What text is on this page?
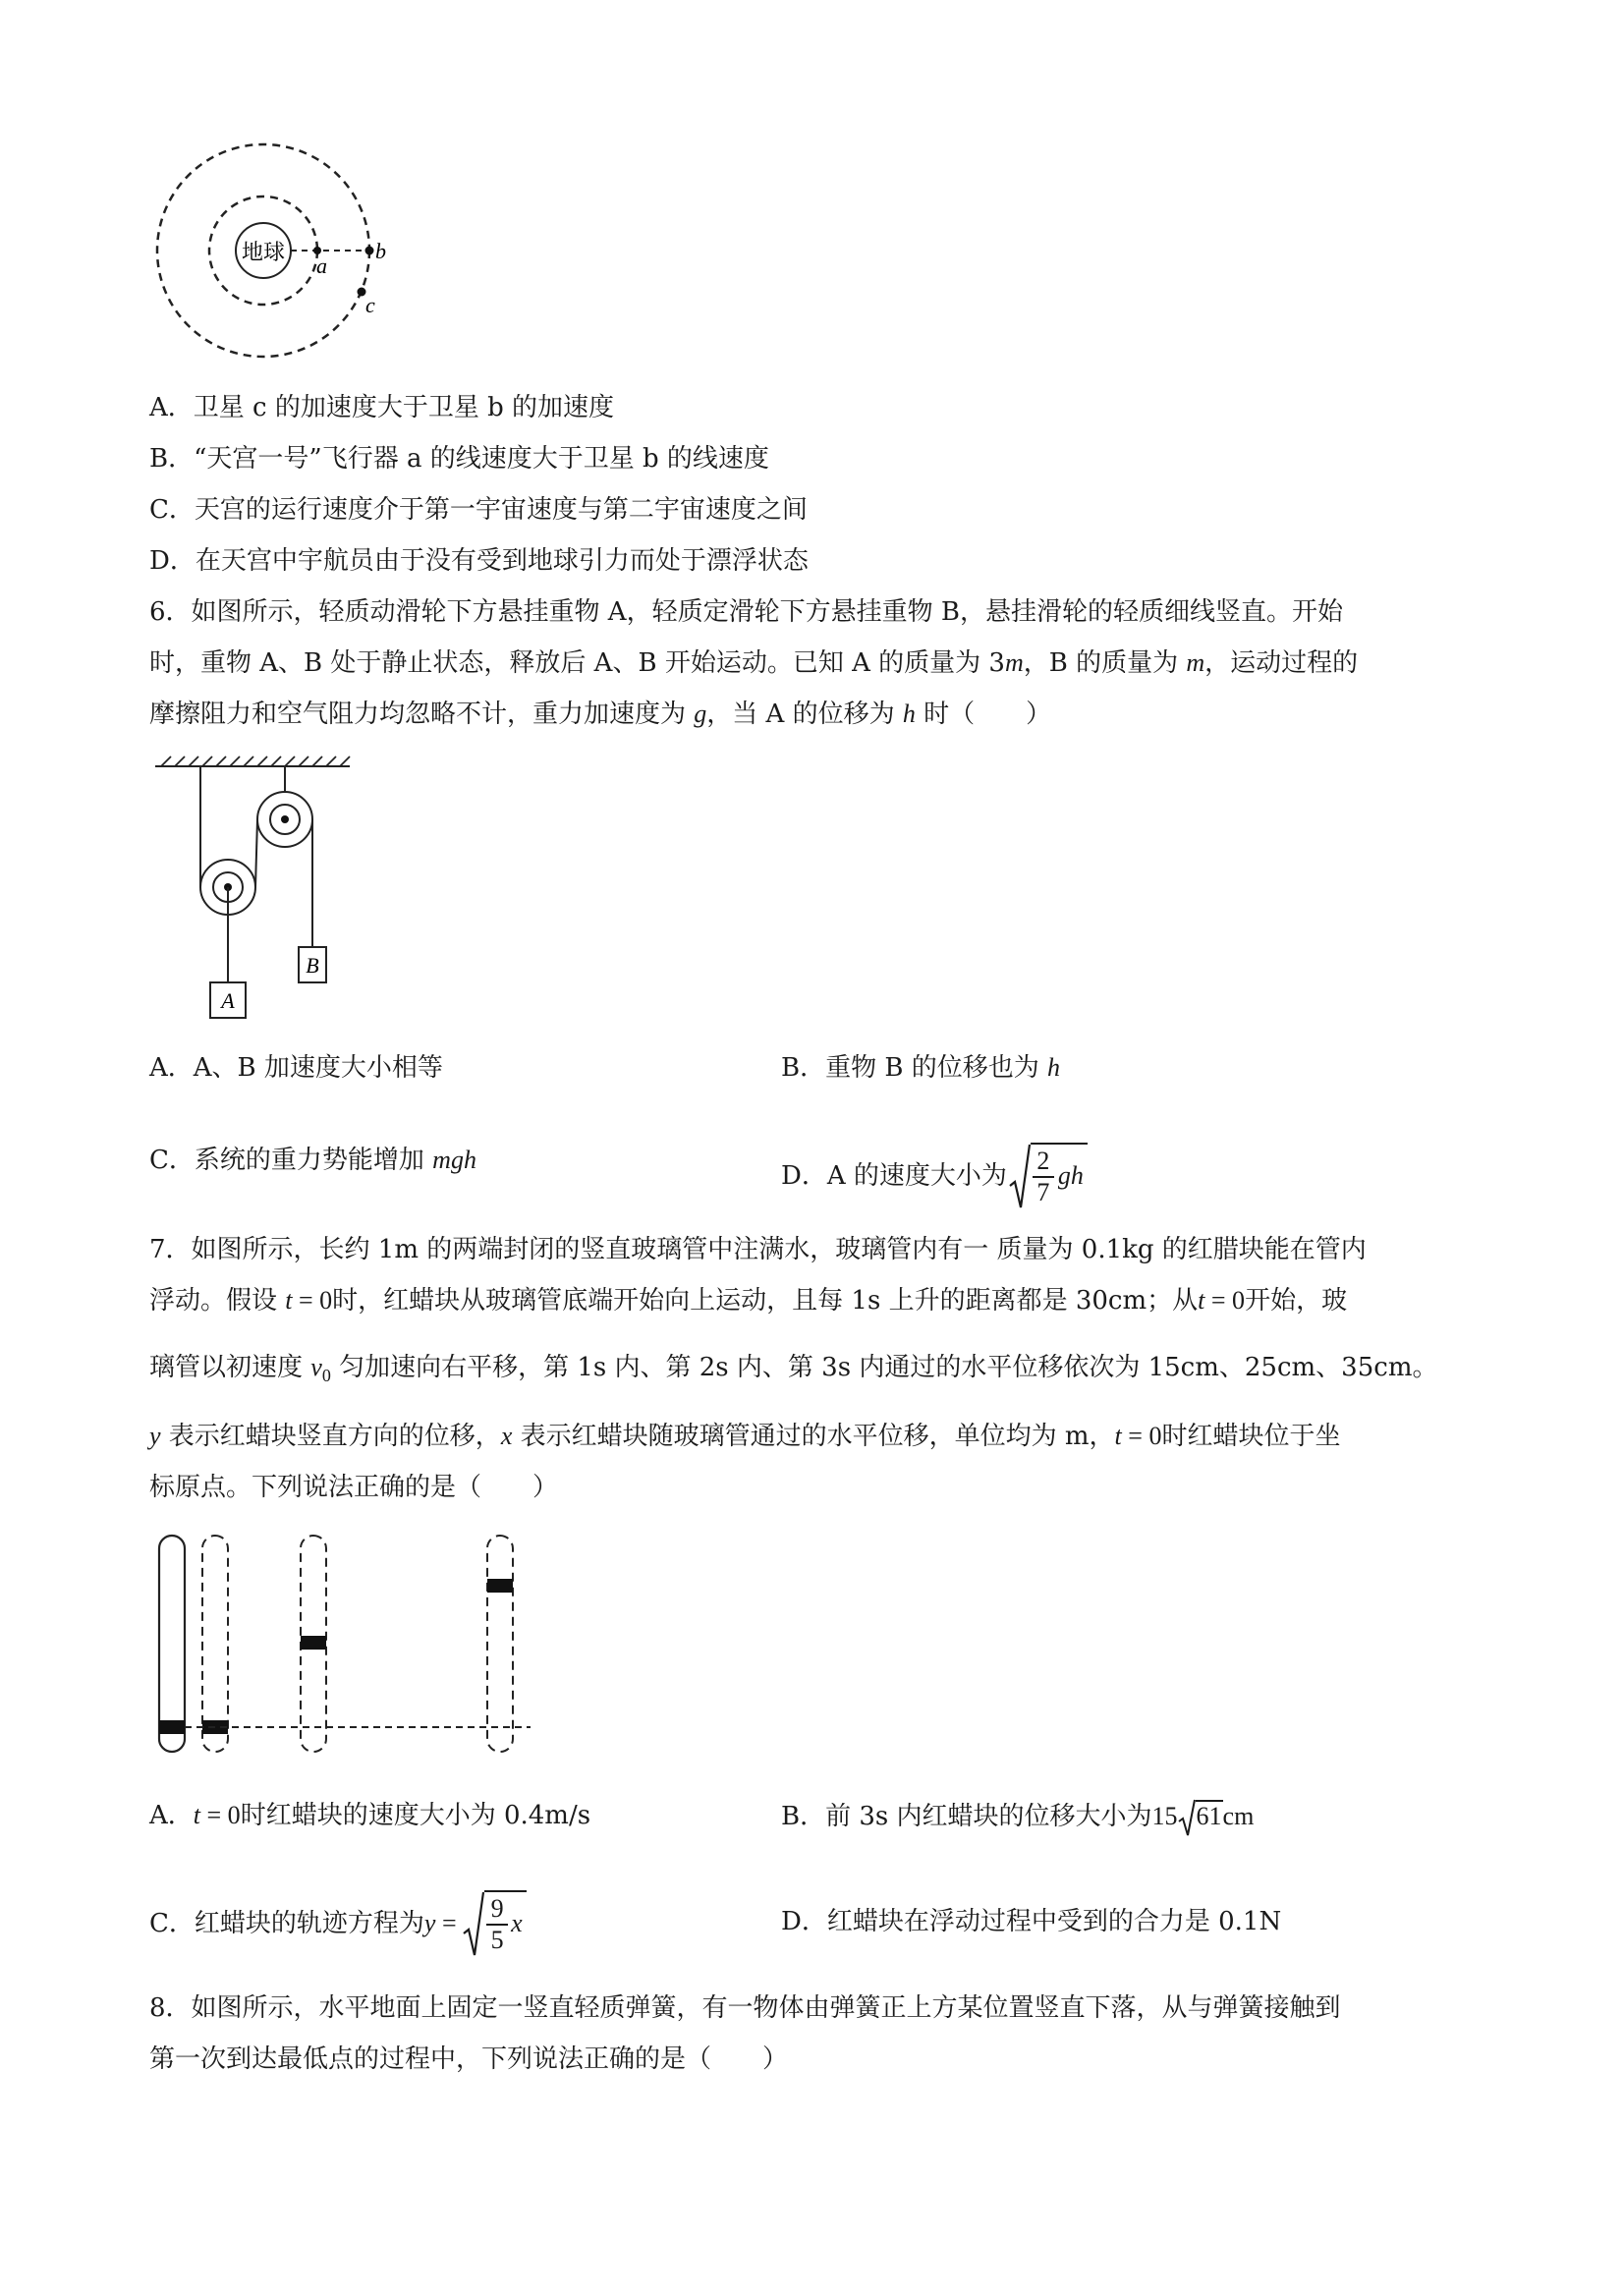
地球
a
b
c
A．卫星 c 的加速度大于卫星 b 的加速度
B．“天宫一号”飞行器 a 的线速度大于卫星 b 的线速度
C．天宫的运行速度介于第一宇宙速度与第二宇宙速度之间
D．在天宫中宇航员由于没有受到地球引力而处于漂浮状态
6．如图所示，轻质动滑轮下方悬挂重物 A，轻质定滑轮下方悬挂重物 B，悬挂滑轮的轻质细线竖直。开始
时，重物 A、B 处于静止状态，释放后 A、B 开始运动。已知 A 的质量为 3m，B 的质量为 m，运动过程的
摩擦阻力和空气阻力均忽略不计，重力加速度为 g，当 A 的位移为 h 时（　　）
B
A
A．A、B 加速度大小相等	B．重物 B 的位移也为 h
C．系统的重力势能增加 mgh
D．A 的速度大小为 $\frac{2}{7}$ gh
7．如图所示，长约 1m 的两端封闭的竖直玻璃管中注满水，玻璃管内有一 质量为 0.1kg 的红腊块能在管内
浮动。假设 t = 0时，红蜡块从玻璃管底端开始向上运动，且每 1s 上升的距离都是 30cm；从t = 0开始，玻
璃管以初速度 $v_0$ 匀加速向右平移，第 1s 内、第 2s 内、第 3s 内通过的水平位移依次为 15cm、25cm、35cm。
y 表示红蜡块竖直方向的位移，x 表示红蜡块随玻璃管通过的水平位移，单位均为 m，t = 0时红蜡块位于坐
标原点。下列说法正确的是（　　）
A．t = 0时红蜡块的速度大小为 0.4m/s	B．前 3s 内红蜡块的位移大小为15 61cm
C．红蜡块的轨迹方程为$y = \frac{9}{5}$ x	D．红蜡块在浮动过程中受到的合力是 0.1N
8．如图所示，水平地面上固定一竖直轻质弹簧，有一物体由弹簧正上方某位置竖直下落，从与弹簧接触到
第一次到达最低点的过程中，下列说法正确的是（　　）
